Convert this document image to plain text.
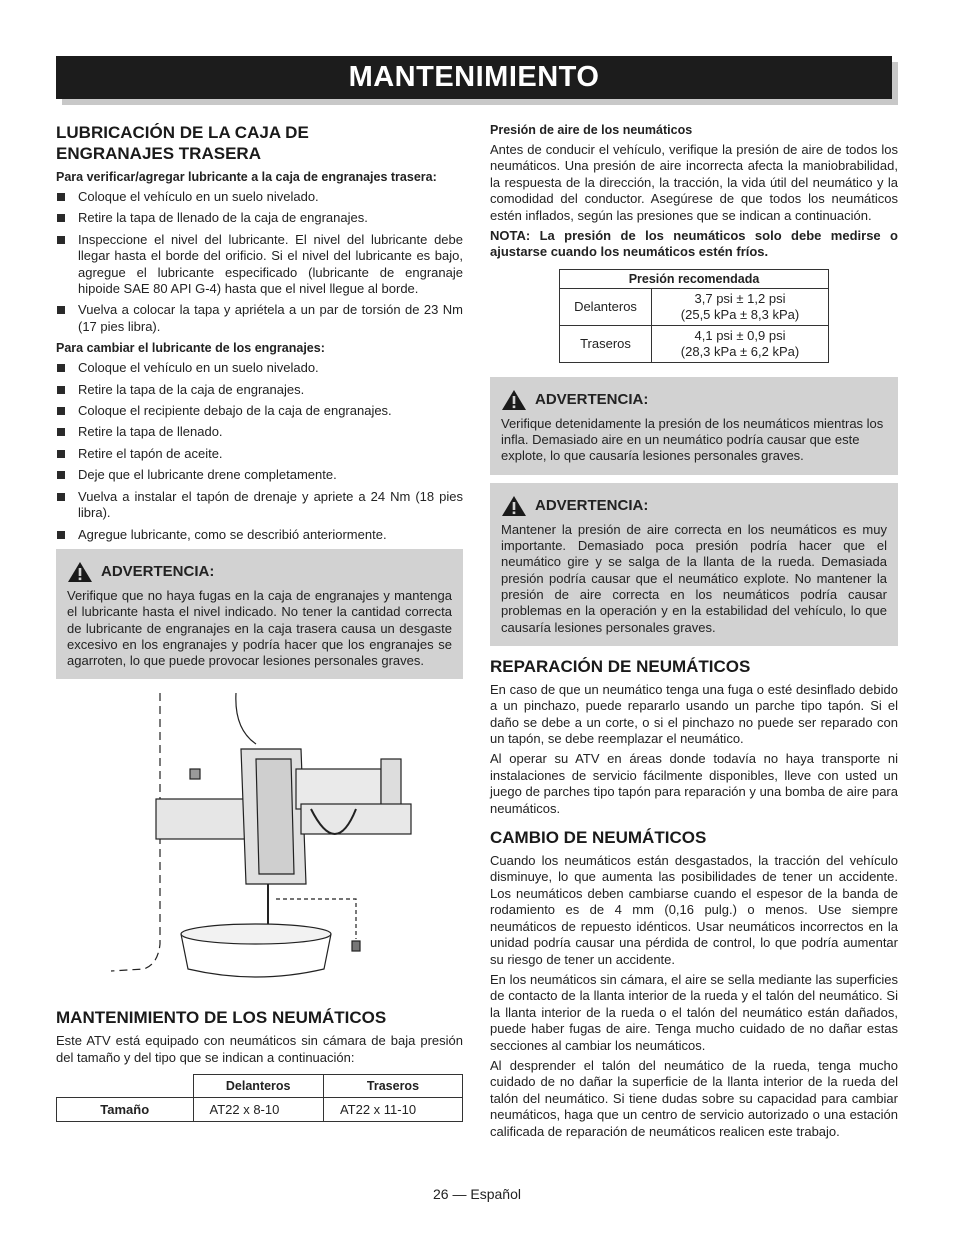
MANTENIMIENTO
LUBRICACIÓN DE LA CAJA DE ENGRANAJES TRASERA

Para verificar/agregar lubricante a la caja de engranajes trasera:

Coloque el vehículo en un suelo nivelado.
Retire la tapa de llenado de la caja de engranajes.
Inspeccione el nivel del lubricante. El nivel del lubricante debe llegar hasta el borde del orificio. Si el nivel del lubricante es bajo, agregue el lubricante especificado (lubricante de engranaje hipoide SAE 80 API G-4) hasta que el nivel llegue al borde.
Vuelva a colocar la tapa y apriétela a un par de torsión de 23 Nm (17 pies libra).

Para cambiar el lubricante de los engranajes:

Coloque el vehículo en un suelo nivelado.
Retire la tapa de la caja de engranajes.
Coloque el recipiente debajo de la caja de engranajes.
Retire la tapa de llenado.
Retire el tapón de aceite.
Deje que el lubricante drene completamente.
Vuelva a instalar el tapón de drenaje y apriete a 24 Nm (18 pies libra).
Agregue lubricante, como se describió anteriormente.
ADVERTENCIA:

Verifique que no haya fugas en la caja de engranajes y mantenga el lubricante hasta el nivel indicado. No tener la cantidad correcta de lubricante de engranajes en la caja trasera causa un desgaste excesivo en los engranajes y podría hacer que los engranajes se agarroten, lo que puede provocar lesiones personales graves.

MANTENIMIENTO DE LOS NEUMÁTICOS

Este ATV está equipado con neumáticos sin cámara de baja presión del tamaño y del tipo que se indican a continuación:

	Delanteros	Traseros
Tamaño	AT22 x 8-10	AT22 x 11-10

Presión de aire de los neumáticos

Antes de conducir el vehículo, verifique la presión de aire de todos los neumáticos. Una presión de aire incorrecta afecta la maniobrabilidad, la respuesta de la dirección, la tracción, la vida útil del neumático y la comodidad del conductor. Asegúrese de que todos los neumáticos estén inflados, según las presiones que se indican a continuación.

NOTA: La presión de los neumáticos solo debe medirse o ajustarse cuando los neumáticos estén fríos.

Presión recomendada	
Delanteros	3,7 psi ± 1,2 psi
(25,5 kPa ± 8,3 kPa)

Traseros	4,1 psi ± 0,9 psi
(28,3 kPa ± 6,2 kPa)
ADVERTENCIA:

Verifique detenidamente la presión de los neumáticos mientras los infla. Demasiado aire en un neumático podría causar que este explote, lo que causaría lesiones personales graves.

ADVERTENCIA:

Mantener la presión de aire correcta en los neumáticos es muy importante. Demasiado poca presión podría hacer que el neumático gire y se salga de la llanta de la rueda. Demasiada presión podría causar que el neumático explote. No mantener la presión de aire correcta en los neumáticos podría causar problemas en la operación y en la estabilidad del vehículo, lo que causaría lesiones personales graves.

REPARACIÓN DE NEUMÁTICOS

En caso de que un neumático tenga una fuga o esté desinflado debido a un pinchazo, puede repararlo usando un parche tipo tapón. Si el daño se debe a un corte, o si el pinchazo no puede ser reparado con un tapón, se debe reemplazar el neumático.

Al operar su ATV en áreas donde todavía no haya transporte ni instalaciones de servicio fácilmente disponibles, lleve con usted un juego de parches tipo tapón para reparación y una bomba de aire para neumáticos.

CAMBIO DE NEUMÁTICOS

Cuando los neumáticos están desgastados, la tracción del vehículo disminuye, lo que aumenta las posibilidades de tener un accidente. Los neumáticos deben cambiarse cuando el espesor de la banda de rodamiento es de 4 mm (0,16 pulg.) o menos. Use siempre neumáticos de repuesto idénticos. Usar neumáticos incorrectos en la unidad podría causar una pérdida de control, lo que podría aumentar su riesgo de tener un accidente.

En los neumáticos sin cámara, el aire se sella mediante las superficies de contacto de la llanta interior de la rueda y el talón del neumático. Si la llanta interior de la rueda o el talón del neumático están dañados, puede haber fugas de aire. Tenga mucho cuidado de no dañar estas secciones al cambiar los neumáticos.

Al desprender el talón del neumático de la rueda, tenga mucho cuidado de no dañar la superficie de la llanta interior de la rueda del talón del neumático. Si tiene dudas sobre su capacidad para cambiar neumáticos, haga que un centro de servicio autorizado o una estación calificada de reparación de neumáticos realicen este trabajo.

26 — Español
